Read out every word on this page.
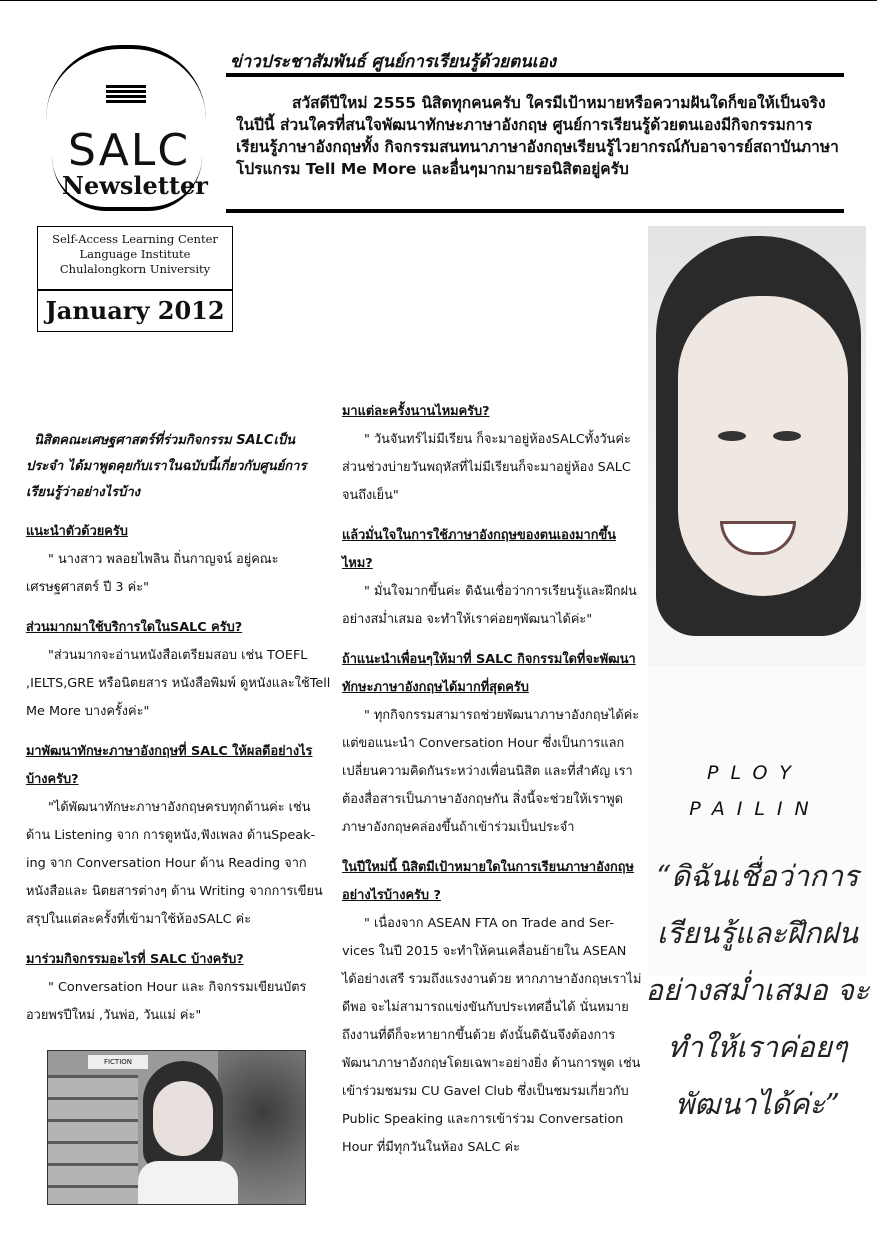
SALC
Newsletter
ข่าวประชาสัมพันธ์ ศูนย์การเรียนรู้ด้วยตนเอง

สวัสดีปีใหม่ 2555 นิสิตทุกคนครับ ใครมีเป้าหมายหรือความฝันใดก็ขอให้เป็นจริงในปีนี้ ส่วนใครที่สนใจพัฒนาทักษะภาษาอังกฤษ ศูนย์การเรียนรู้ด้วยตนเองมีกิจกรรมการเรียนรู้ภาษาอังกฤษทั้ง กิจกรรมสนทนาภาษาอังกฤษเรียนรู้ไวยากรณ์กับอาจารย์สถาบันภาษา โปรแกรม Tell Me More และอื่นๆมากมายรอนิสิตอยู่ครับ

Self-Access Learning Center
Language Institute
Chulalongkorn University
January 2012

นิสิตคณะเศษฐศาสตร์ที่ร่วมกิจกรรม SALCเป็นประจำ ได้มาพูดคุยกับเราในฉบับนี้เกี่ยวกับศูนย์การเรียนรู้ว่าอย่างไรบ้าง

แนะนำตัวด้วยครับ

" นางสาว พลอยไพลิน ถิ่นกาญจน์ อยู่คณะเศรษฐศาสตร์ ปี 3 ค่ะ"

ส่วนมากมาใช้บริการใดในSALC ครับ?

"ส่วนมากจะอ่านหนังสือเตรียมสอบ เช่น TOEFL ,IELTS,GRE หรือนิตยสาร หนังสือพิมพ์ ดูหนังและใช้Tell Me More บางครั้งค่ะ"

มาพัฒนาทักษะภาษาอังกฤษที่ SALC ให้ผลดีอย่างไรบ้างครับ?

"ได้พัฒนาทักษะภาษาอังกฤษครบทุกด้านค่ะ เช่น ด้าน Listening จาก การดูหนัง,ฟังเพลง ด้านSpeak-ing จาก Conversation Hour ด้าน Reading จากหนังสือและ นิตยสารต่างๆ ด้าน Writing จากการเขียนสรุปในแต่ละครั้งที่เข้ามาใช้ห้องSALC ค่ะ

มาร่วมกิจกรรมอะไรที่ SALC บ้างครับ?

" Conversation Hour และ กิจกรรมเขียนบัตรอวยพรปีใหม่ ,วันพ่อ, วันแม่ ค่ะ"

มาแต่ละครั้งนานไหมครับ?

" วันจันทร์ไม่มีเรียน ก็จะมาอยู่ห้องSALCทั้งวันค่ะ ส่วนช่วงบ่ายวันพฤหัสที่ไม่มีเรียนก็จะมาอยู่ห้อง SALC จนถึงเย็น"

แล้วมั่นใจในการใช้ภาษาอังกฤษของตนเองมากขึ้นไหม?

" มั่นใจมากขึ้นค่ะ ดิฉันเชื่อว่าการเรียนรู้และฝึกฝนอย่างสม่ำเสมอ จะทำให้เราค่อยๆพัฒนาได้ค่ะ"

ถ้าแนะนำเพื่อนๆให้มาที่ SALC กิจกรรมใดที่จะพัฒนาทักษะภาษาอังกฤษได้มากที่สุดครับ

" ทุกกิจกรรมสามารถช่วยพัฒนาภาษาอังกฤษได้ค่ะ แต่ขอแนะนำ Conversation Hour ซึ่งเป็นการแลกเปลี่ยนความคิดกันระหว่างเพื่อนนิสิต และที่สำคัญ เราต้องสื่อสารเป็นภาษาอังกฤษกัน สิ่งนี้จะช่วยให้เราพูดภาษาอังกฤษคล่องขึ้นถ้าเข้าร่วมเป็นประจำ

ในปีใหม่นี้ นิสิตมีเป้าหมายใดในการเรียนภาษาอังกฤษอย่างไรบ้างครับ ?

" เนื่องจาก ASEAN FTA on Trade and Ser-vices ในปี 2015 จะทำให้คนเคลื่อนย้ายใน ASEAN ได้อย่างเสรี รวมถึงแรงงานด้วย หากภาษาอังกฤษเราไม่ดีพอ จะไม่สามารถแข่งขันกับประเทศอื่นได้ นั่นหมายถึงงานที่ดีก็จะหายากขึ้นด้วย ดังนั้นดิฉันจึงต้องการพัฒนาภาษาอังกฤษโดยเฉพาะอย่างยิ่ง ด้านการพูด เช่น เข้าร่วมชมรม CU Gavel Club ซึ่งเป็นชมรมเกี่ยวกับ Public Speaking และการเข้าร่วม Conversation Hour ที่มีทุกวันในห้อง SALC ค่ะ

PLOY
PAILIN
“ดิฉันเชื่อว่าการเรียนรู้และฝึกฝนอย่างสม่ำเสมอ จะทำให้เราค่อยๆ พัฒนาได้ค่ะ”
FICTION
